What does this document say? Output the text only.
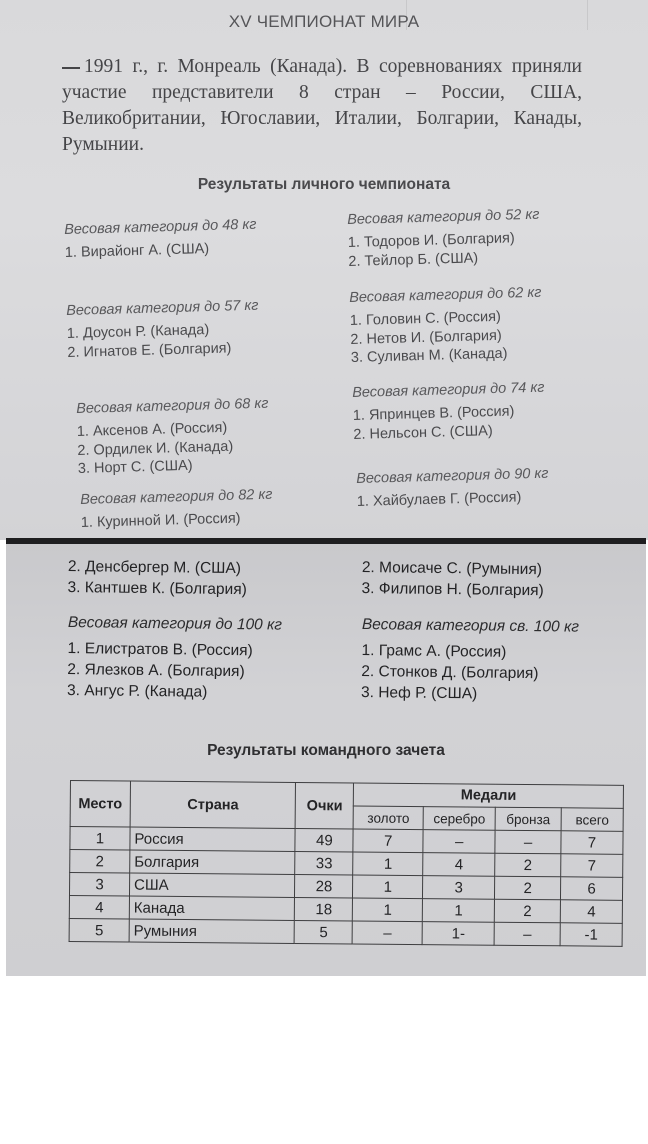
XV ЧЕМПИОНАТ МИРА
1991 г., г. Монреаль (Канада). В соревнованиях приняли участие представители 8 стран – России, США, Великобритании, Югославии, Италии, Болгарии, Канады, Румынии.
Результаты личного чемпионата
Весовая категория до 48 кг
1. Вирайонг А. (США)
Весовая категория до 52 кг
1. Тодоров И. (Болгария)
2. Тейлор Б. (США)
Весовая категория до 57 кг
1. Доусон Р. (Канада)
2. Игнатов Е. (Болгария)
Весовая категория до 62 кг
1. Головин С. (Россия)
2. Нетов И. (Болгария)
3. Суливан М. (Канада)
Весовая категория до 68 кг
1. Аксенов А. (Россия)
2. Ордилек И. (Канада)
3. Норт С. (США)
Весовая категория до 74 кг
1. Япринцев В. (Россия)
2. Нельсон С. (США)
Весовая категория до 82 кг
1. Куринной И. (Россия)
Весовая категория до 90 кг
1. Хайбулаев Г. (Россия)
2. Денсбергер М. (США)
3. Кантшев К. (Болгария)
2. Моисаче С. (Румыния)
3. Филипов Н. (Болгария)
Весовая категория до 100 кг
1. Елистратов В. (Россия)
2. Ялезков А. (Болгария)
3. Ангус Р. (Канада)
Весовая категория св. 100 кг
1. Грамс А. (Россия)
2. Стонков Д. (Болгария)
3. Неф Р. (США)
Результаты командного зачета
Место	Страна	Очки	Медали			
			золото	серебро	бронза	всего
1	Россия	49	7	–	–	7
2	Болгария	33	1	4	2	7
3	США	28	1	3	2	6
4	Канада	18	1	1	2	4
5	Румыния	5	–	1-	–	-1
